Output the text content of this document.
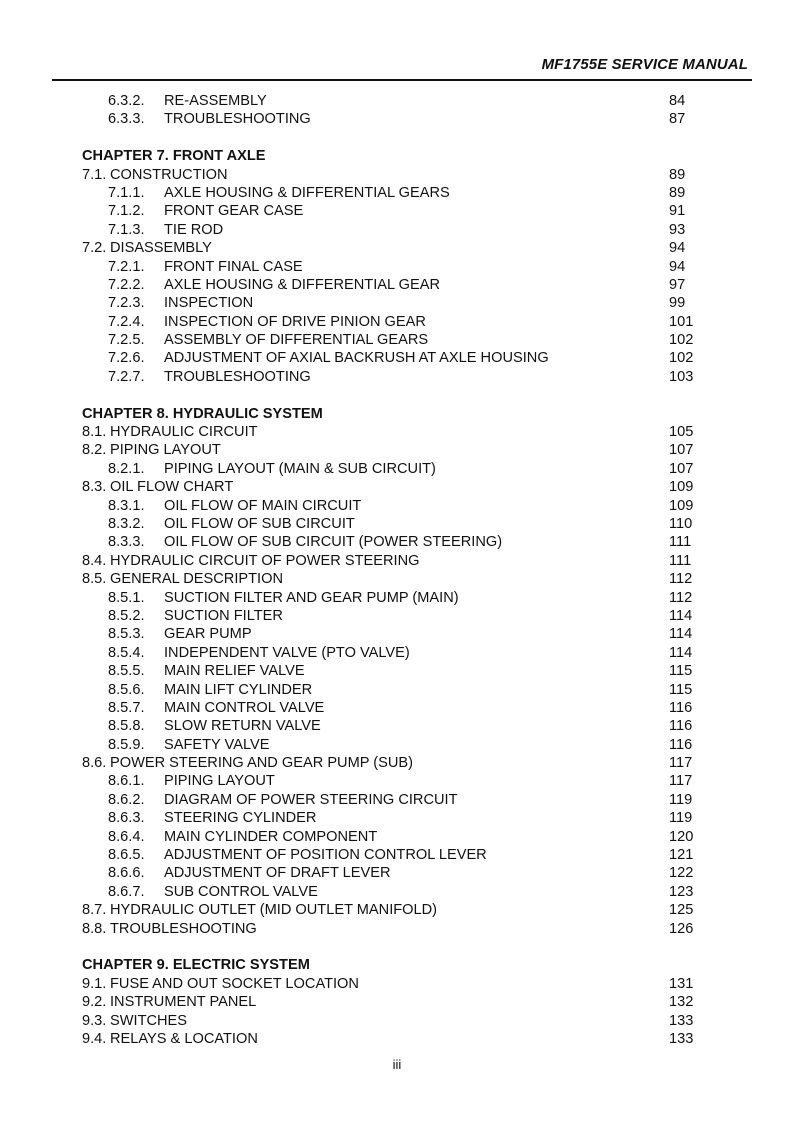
MF1755E SERVICE MANUAL
6.3.2. RE-ASSEMBLY	84
6.3.3. TROUBLESHOOTING	87
CHAPTER 7. FRONT AXLE
7.1. CONSTRUCTION	89
7.1.1. AXLE HOUSING & DIFFERENTIAL GEARS	89
7.1.2. FRONT GEAR CASE	91
7.1.3. TIE ROD	93
7.2. DISASSEMBLY	94
7.2.1. FRONT FINAL CASE	94
7.2.2. AXLE HOUSING & DIFFERENTIAL GEAR	97
7.2.3. INSPECTION	99
7.2.4. INSPECTION OF DRIVE PINION GEAR	101
7.2.5. ASSEMBLY OF DIFFERENTIAL GEARS	102
7.2.6. ADJUSTMENT OF AXIAL BACKRUSH AT AXLE HOUSING	102
7.2.7. TROUBLESHOOTING	103
CHAPTER 8. HYDRAULIC SYSTEM
8.1. HYDRAULIC CIRCUIT	105
8.2. PIPING LAYOUT	107
8.2.1. PIPING LAYOUT (MAIN & SUB CIRCUIT)	107
8.3. OIL FLOW CHART	109
8.3.1. OIL FLOW OF MAIN CIRCUIT	109
8.3.2. OIL FLOW OF SUB CIRCUIT	110
8.3.3. OIL FLOW OF SUB CIRCUIT (POWER STEERING)	111
8.4. HYDRAULIC CIRCUIT OF POWER STEERING	111
8.5. GENERAL DESCRIPTION	112
8.5.1. SUCTION FILTER AND GEAR PUMP (MAIN)	112
8.5.2. SUCTION FILTER	114
8.5.3. GEAR PUMP	114
8.5.4. INDEPENDENT VALVE (PTO VALVE)	114
8.5.5. MAIN RELIEF VALVE	115
8.5.6. MAIN LIFT CYLINDER	115
8.5.7. MAIN CONTROL VALVE	116
8.5.8. SLOW RETURN VALVE	116
8.5.9. SAFETY VALVE	116
8.6. POWER STEERING AND GEAR PUMP (SUB)	117
8.6.1. PIPING LAYOUT	117
8.6.2. DIAGRAM OF POWER STEERING CIRCUIT	119
8.6.3. STEERING CYLINDER	119
8.6.4. MAIN CYLINDER COMPONENT	120
8.6.5. ADJUSTMENT OF POSITION CONTROL LEVER	121
8.6.6. ADJUSTMENT OF DRAFT LEVER	122
8.6.7. SUB CONTROL VALVE	123
8.7. HYDRAULIC OUTLET (MID OUTLET MANIFOLD)	125
8.8. TROUBLESHOOTING	126
CHAPTER 9. ELECTRIC SYSTEM
9.1. FUSE AND OUT SOCKET LOCATION	131
9.2. INSTRUMENT PANEL	132
9.3. SWITCHES	133
9.4. RELAYS & LOCATION	133
iii
